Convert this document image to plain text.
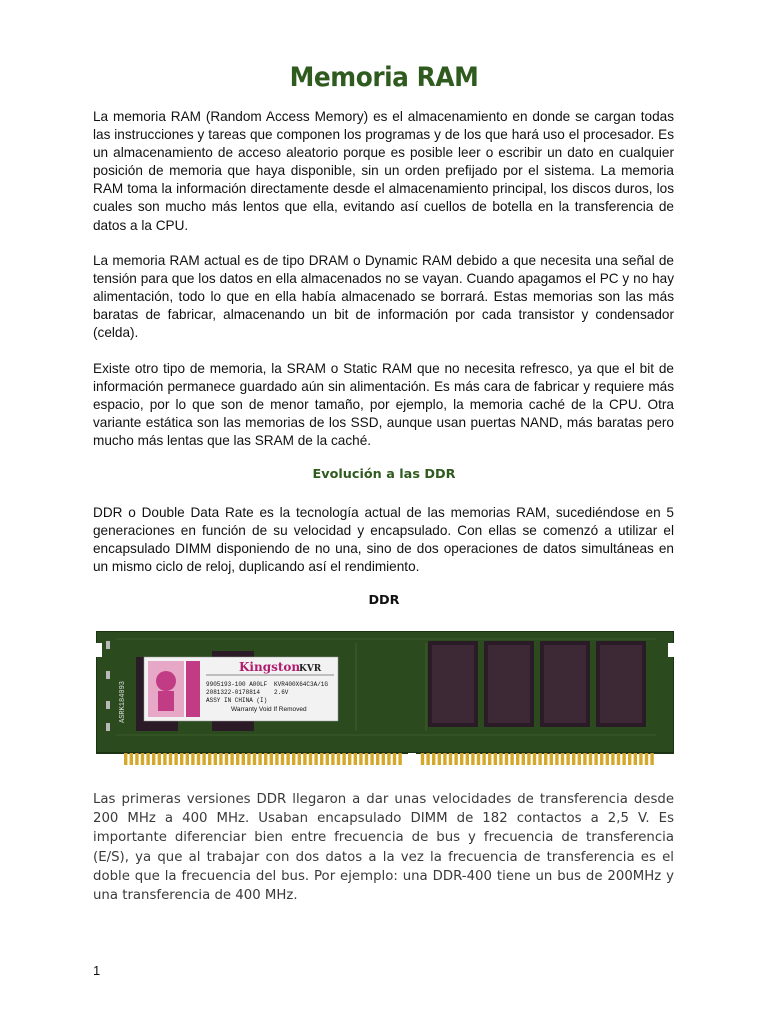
Memoria RAM

La memoria RAM (Random Access Memory) es el almacenamiento en donde se cargan todas las instrucciones y tareas que componen los programas y de los que hará uso el procesador. Es un almacenamiento de acceso aleatorio porque es posible leer o escribir un dato en cualquier posición de memoria que haya disponible, sin un orden prefijado por el sistema. La memoria RAM toma la información directamente desde el almacenamiento principal, los discos duros, los cuales son mucho más lentos que ella, evitando así cuellos de botella en la transferencia de datos a la CPU.

La memoria RAM actual es de tipo DRAM o Dynamic RAM debido a que necesita una señal de tensión para que los datos en ella almacenados no se vayan. Cuando apagamos el PC y no hay alimentación, todo lo que en ella había almacenado se borrará. Estas memorias son las más baratas de fabricar, almacenando un bit de información por cada transistor y condensador (celda).

Existe otro tipo de memoria, la SRAM o Static RAM que no necesita refresco, ya que el bit de información permanece guardado aún sin alimentación. Es más cara de fabricar y requiere más espacio, por lo que son de menor tamaño, por ejemplo, la memoria caché de la CPU. Otra variante estática son las memorias de los SSD, aunque usan puertas NAND, más baratas pero mucho más lentas que las SRAM de la caché.

Evolución a las DDR

DDR o Double Data Rate es la tecnología actual de las memorias RAM, sucediéndose en 5 generaciones en función de su velocidad y encapsulado. Con ellas se comenzó a utilizar el encapsulado DIMM disponiendo de no una, sino de dos operaciones de datos simultáneas en un mismo ciclo de reloj, duplicando así el rendimiento.

DDR
Kingston
KVR
9905193-100 A00LF KVR400X64C3A/1G
2081322-0178814 2.6V
ASSY IN CHINA (I)
Warranty Void If Removed
ASRK184093

Las primeras versiones DDR llegaron a dar unas velocidades de transferencia desde 200 MHz a 400 MHz. Usaban encapsulado DIMM de 182 contactos a 2,5 V. Es importante diferenciar bien entre frecuencia de bus y frecuencia de transferencia (E/S), ya que al trabajar con dos datos a la vez la frecuencia de transferencia es el doble que la frecuencia del bus. Por ejemplo: una DDR-400 tiene un bus de 200MHz y una transferencia de 400 MHz.

1
